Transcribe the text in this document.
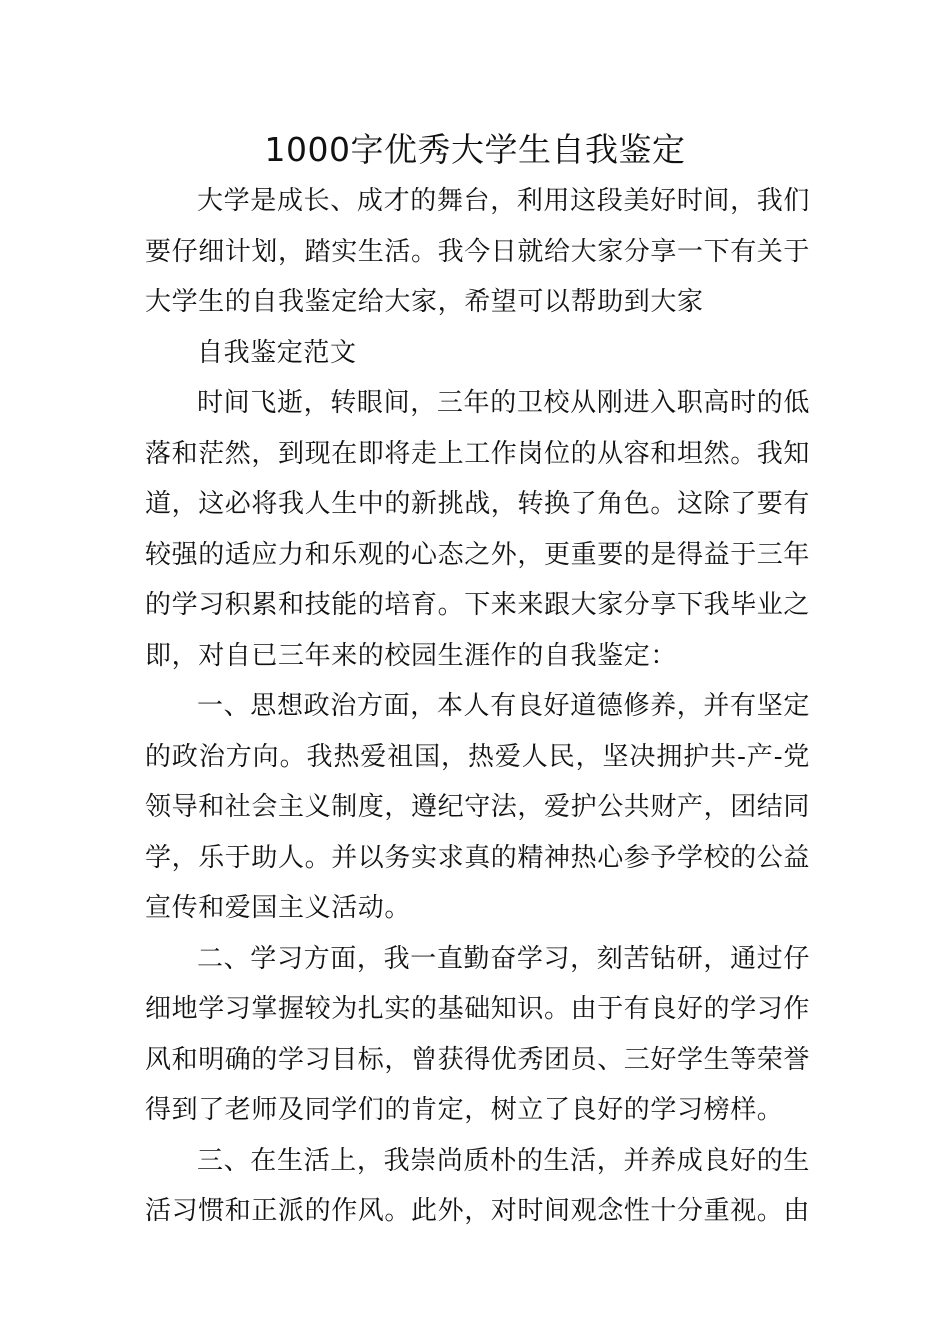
1000字优秀大学生自我鉴定

大学是成长、成才的舞台，利用这段美好时间，我们要仔细计划，踏实生活。我今日就给大家分享一下有关于大学生的自我鉴定给大家，希望可以帮助到大家

自我鉴定范文

时间飞逝，转眼间，三年的卫校从刚进入职高时的低落和茫然，到现在即将走上工作岗位的从容和坦然。我知道，这必将我人生中的新挑战，转换了角色。这除了要有较强的适应力和乐观的心态之外，更重要的是得益于三年的学习积累和技能的培育。下来来跟大家分享下我毕业之即，对自已三年来的校园生涯作的自我鉴定：

一、思想政治方面，本人有良好道德修养，并有坚定的政治方向。我热爱祖国，热爱人民，坚决拥护共-产-党领导和社会主义制度，遵纪守法，爱护公共财产，团结同学，乐于助人。并以务实求真的精神热心参予学校的公益宣传和爱国主义活动。

二、学习方面，我一直勤奋学习，刻苦钻研，通过仔细地学习掌握较为扎实的基础知识。由于有良好的学习作风和明确的学习目标，曾获得优秀团员、三好学生等荣誉得到了老师及同学们的肯定，树立了良好的学习榜样。

三、在生活上，我崇尚质朴的生活，并养成良好的生活习惯和正派的作风。此外，对时间观念性十分重视。由
